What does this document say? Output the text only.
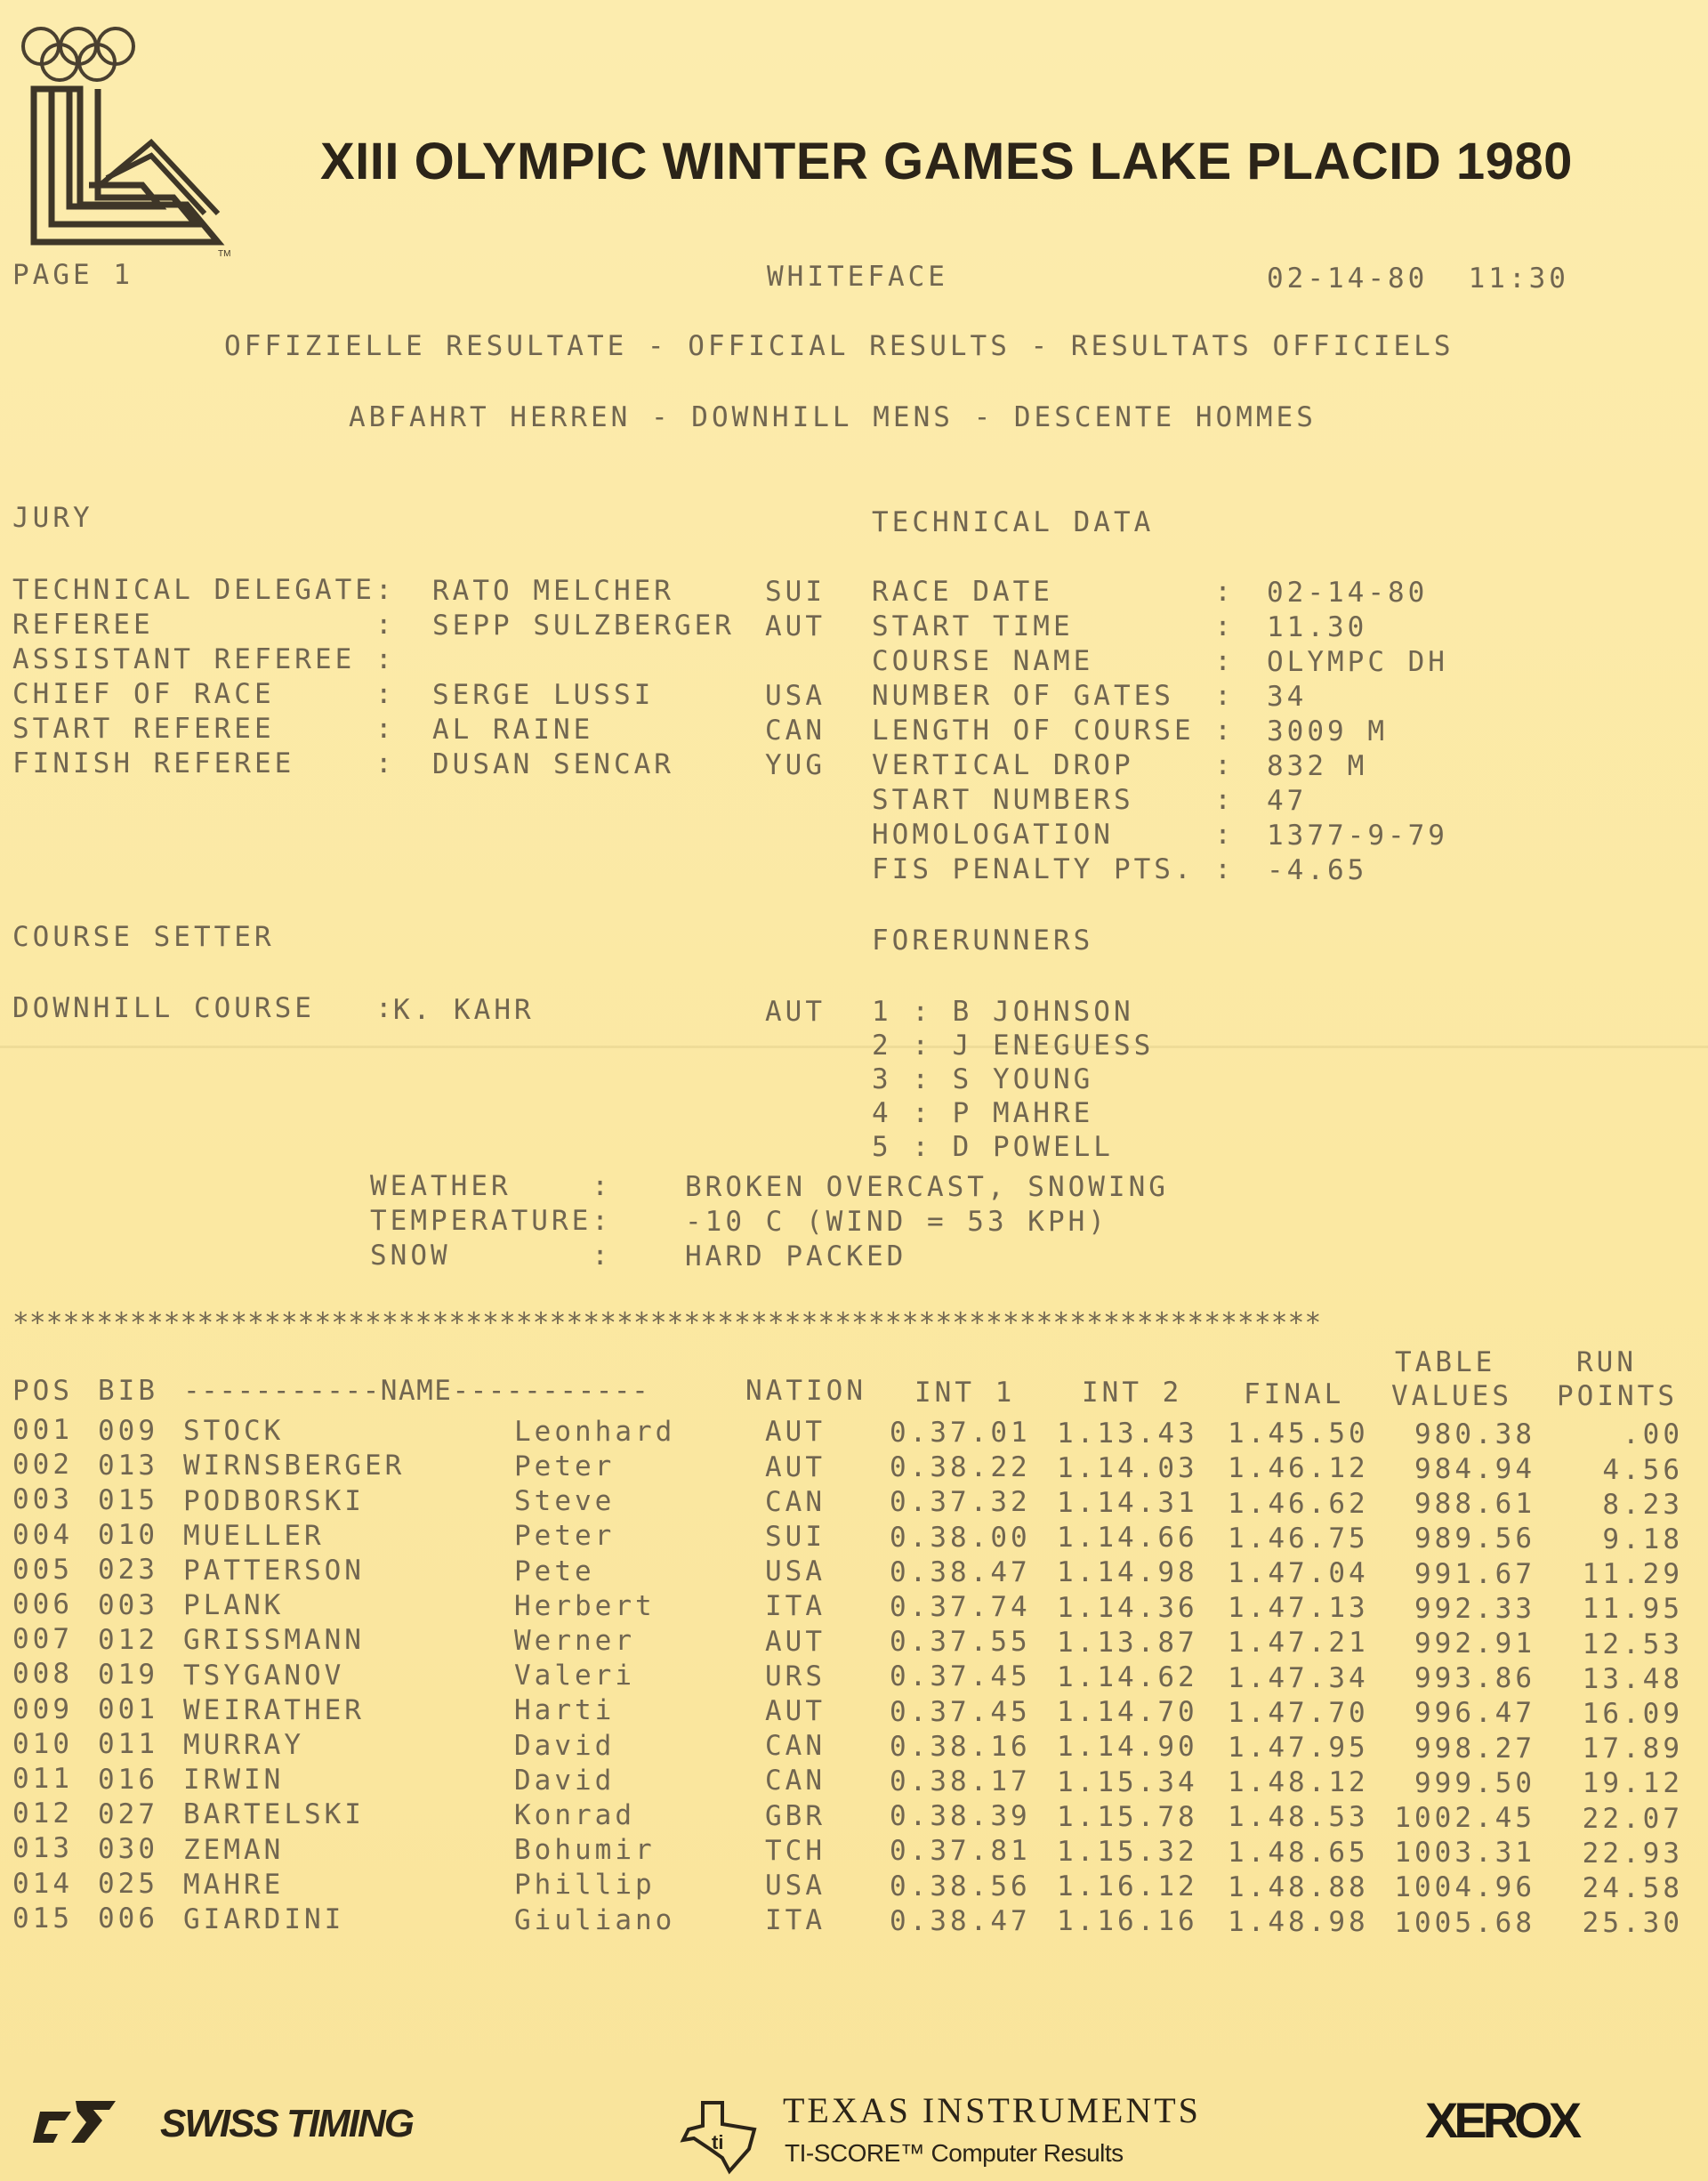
TM
XIII OLYMPIC WINTER GAMES LAKE PLACID 1980
PAGE 1	WHITEFACE	02-14-80  11:30
OFFIZIELLE RESULTATE - OFFICIAL RESULTS - RESULTATS OFFICIELS
ABFAHRT HERREN - DOWNHILL MENS - DESCENTE HOMMES
JURY
TECHNICAL DELEGATE: RATO MELCHER	SUI
REFEREE           : SEPP SULZBERGER AUT
ASSISTANT REFEREE :
CHIEF OF RACE     : SERGE LUSSI	USA
START REFEREE     : AL RAINE	CAN
FINISH REFEREE    : DUSAN SENCAR	YUG
TECHNICAL DATA
RACE DATE        : 02-14-80
START TIME       : 11.30
COURSE NAME      : OLYMPC DH
NUMBER OF GATES  : 34
LENGTH OF COURSE : 3009 M
VERTICAL DROP    : 832 M
START NUMBERS    : 47
HOMOLOGATION     : 1377-9-79
FIS PENALTY PTS. : -4.65
COURSE SETTER
DOWNHILL COURSE   :
K. KAHR	AUT
FORERUNNERS
1 : B JOHNSON
2 : J ENEGUESS
3 : S YOUNG
4 : P MAHRE
5 : D POWELL
WEATHER    :	BROKEN OVERCAST, SNOWING
TEMPERATURE:	-10 C (WIND = 53 KPH)
SNOW       :	HARD PACKED
******************************************************************************
POS BIB -----------NAME-----------	NATION INT 1 INT 2 FINAL
TABLE
VALUES
RUN
POINTS
001 009 STOCK	Leonhard	AUT 0.37.01 1.13.43 1.45.50 980.38	.00
002 013 WIRNSBERGER	Peter	AUT 0.38.22 1.14.03 1.46.12 984.94 4.56
003 015 PODBORSKI	Steve	CAN 0.37.32 1.14.31 1.46.62 988.61 8.23
004 010 MUELLER	Peter	SUI 0.38.00 1.14.66 1.46.75 989.56 9.18
005 023 PATTERSON	Pete	USA 0.38.47 1.14.98 1.47.04 991.67 11.29
006 003 PLANK	Herbert	ITA 0.37.74 1.14.36 1.47.13 992.33 11.95
007 012 GRISSMANN	Werner	AUT 0.37.55 1.13.87 1.47.21 992.91 12.53
008 019 TSYGANOV	Valeri	URS 0.37.45 1.14.62 1.47.34 993.86 13.48
009 001 WEIRATHER	Harti	AUT 0.37.45 1.14.70 1.47.70 996.47 16.09
010 011 MURRAY	David	CAN 0.38.16 1.14.90 1.47.95 998.27 17.89
011 016 IRWIN	David	CAN 0.38.17 1.15.34 1.48.12 999.50 19.12
012 027 BARTELSKI	Konrad	GBR 0.38.39 1.15.78 1.48.53 1002.45 22.07
013 030 ZEMAN	Bohumir	TCH 0.37.81 1.15.32 1.48.65 1003.31 22.93
014 025 MAHRE	Phillip	USA 0.38.56 1.16.12 1.48.88 1004.96 24.58
015 006 GIARDINI	Giuliano	ITA 0.38.47 1.16.16 1.48.98 1005.68 25.30
SWISS TIMING	ti
TEXAS INSTRUMENTS
TI-SCORE™ Computer Results
XEROX
